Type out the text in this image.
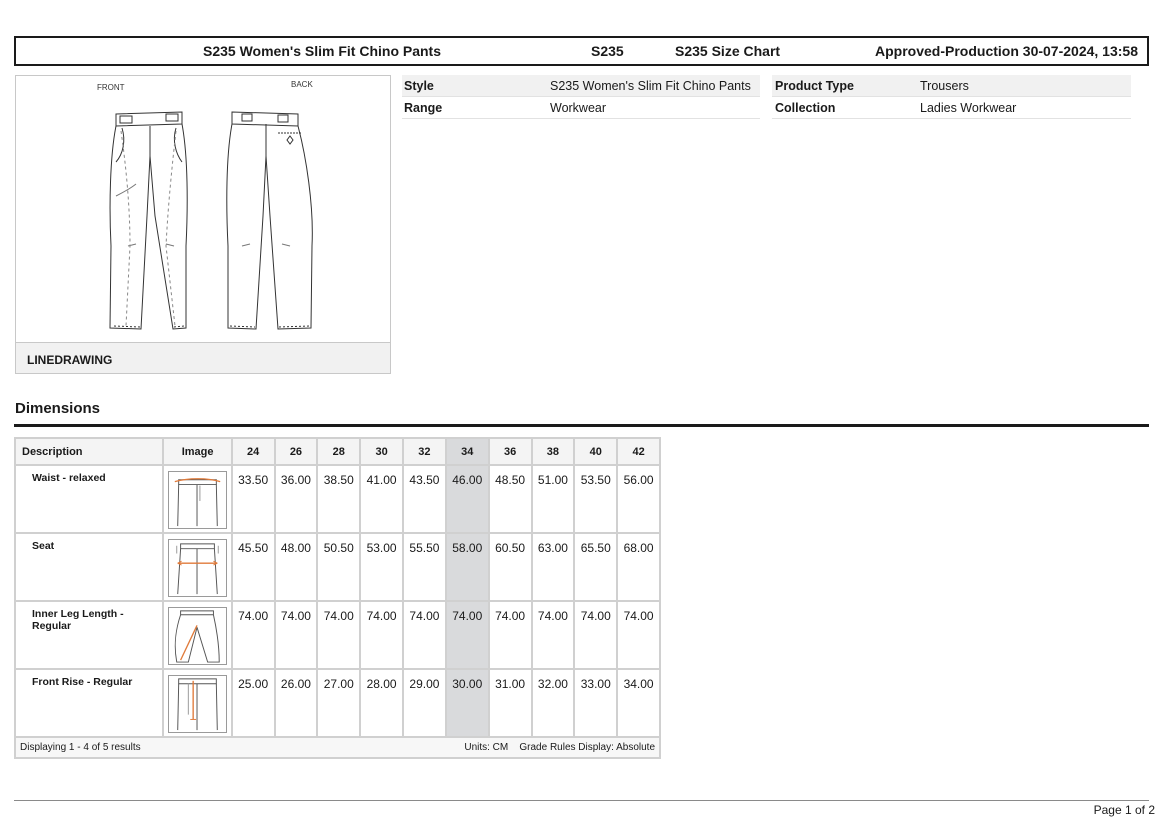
S235 Women's Slim Fit Chino Pants	S235	S235 Size Chart	Approved-Production 30-07-2024, 13:58
FRONT	BACK
LINEDRAWING
Style	S235 Women's Slim Fit Chino Pants
Range	Workwear
Product Type	Trousers
Collection	Ladies Workwear
Dimensions
Description	Image	24	26	28	30	32	34	36	38	40	42
Waist - relaxed		33.50	36.00	38.50	41.00	43.50	46.00	48.50	51.00	53.50	56.00
Seat		45.50	48.00	50.50	53.00	55.50	58.00	60.50	63.00	65.50	68.00
Inner Leg Length - Regular		74.00	74.00	74.00	74.00	74.00	74.00	74.00	74.00	74.00	74.00
Front Rise - Regular		25.00	26.00	27.00	28.00	29.00	30.00	31.00	32.00	33.00	34.00

Displaying 1 - 4 of 5 results Units: CM Grade Rules Display: Absolute											
Page 1 of 2
